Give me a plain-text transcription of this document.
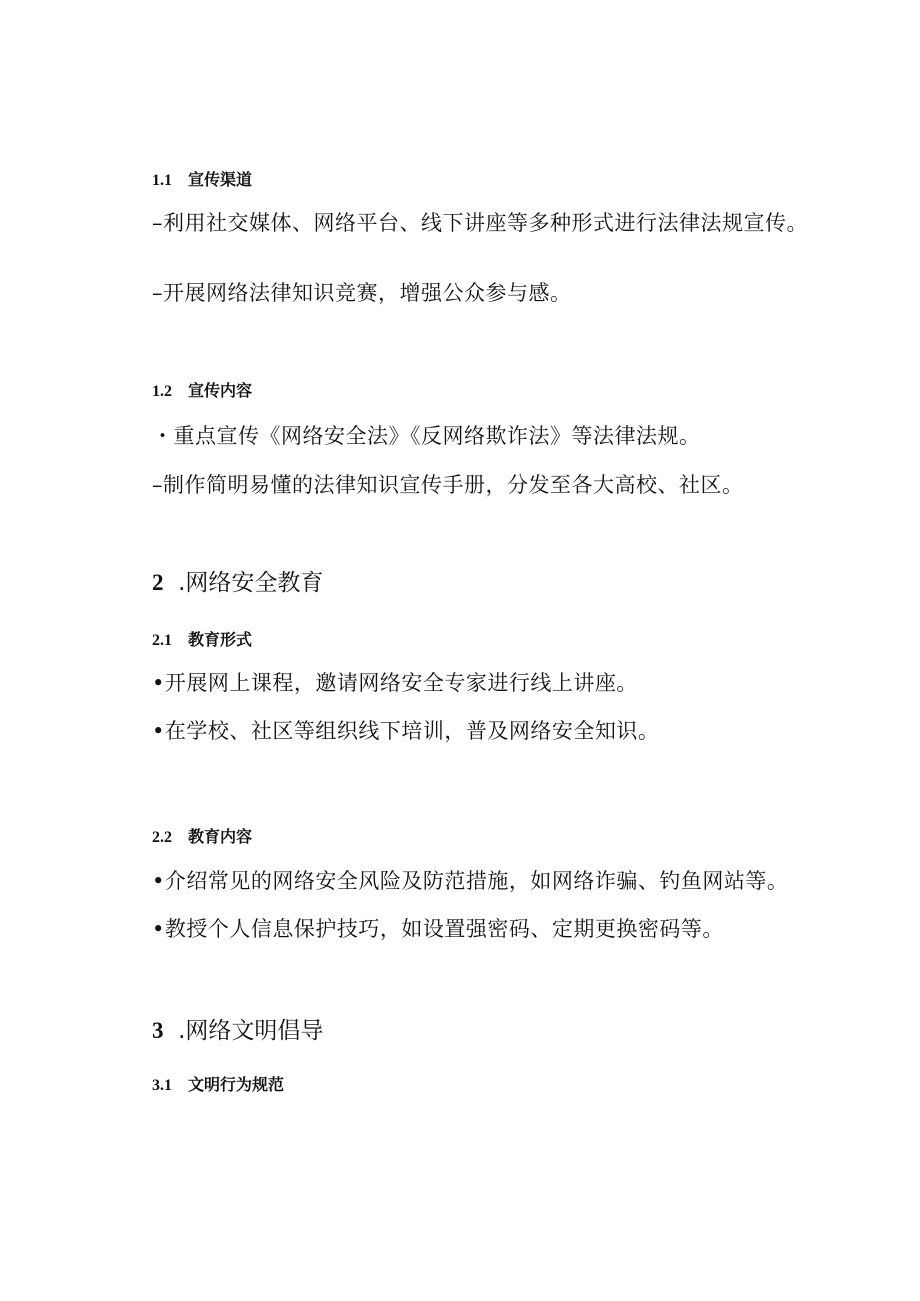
1.1 宣传渠道
–利用社交媒体、网络平台、线下讲座等多种形式进行法律法规宣传。
–开展网络法律知识竞赛，增强公众参与感。
1.2 宣传内容
・重点宣传《网络安全法》《反网络欺诈法》等法律法规。
–制作简明易懂的法律知识宣传手册，分发至各大高校、社区。
2 .网络安全教育
2.1 教育形式
•开展网上课程，邀请网络安全专家进行线上讲座。
•在学校、社区等组织线下培训，普及网络安全知识。
2.2 教育内容
•介绍常见的网络安全风险及防范措施，如网络诈骗、钓鱼网站等。
•教授个人信息保护技巧，如设置强密码、定期更换密码等。
3 .网络文明倡导
3.1 文明行为规范
